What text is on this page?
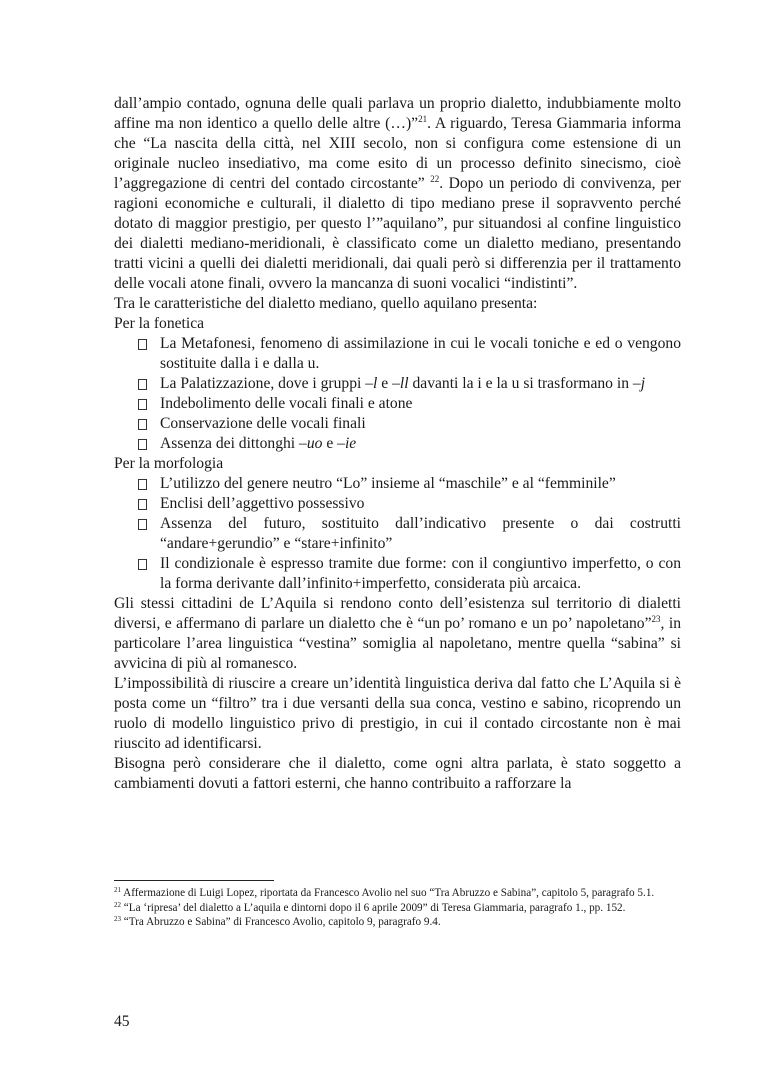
dall’ampio contado, ognuna delle quali parlava un proprio dialetto, indubbiamente molto affine ma non identico a quello delle altre (…)”$^{21}$. A riguardo, Teresa Giammaria informa che “La nascita della città, nel XIII secolo, non si configura come estensione di un originale nucleo insediativo, ma come esito di un processo definito sinecismo, cioè l’aggregazione di centri del contado circostante” $^{22}$. Dopo un periodo di convivenza, per ragioni economiche e culturali, il dialetto di tipo mediano prese il sopravvento perché dotato di maggior prestigio, per questo l’”aquilano”, pur situandosi al confine linguistico dei dialetti mediano-meridionali, è classificato come un dialetto mediano, presentando tratti vicini a quelli dei dialetti meridionali, dai quali però si differenzia per il trattamento delle vocali atone finali, ovvero la mancanza di suoni vocalici “indistinti”.

Tra le caratteristiche del dialetto mediano, quello aquilano presenta:

Per la fonetica

La Metafonesi, fenomeno di assimilazione in cui le vocali toniche e ed o vengono sostituite dalla i e dalla u.
La Palatizzazione, dove i gruppi –l e –ll davanti la i e la u si trasformano in –j
Indebolimento delle vocali finali e atone
Conservazione delle vocali finali
Assenza dei dittonghi –uo e –ie

Per la morfologia

L’utilizzo del genere neutro “Lo” insieme al “maschile” e al “femminile”
Enclisi dell’aggettivo possessivo
Assenza del futuro, sostituito dall’indicativo presente o dai costrutti “andare+gerundio” e “stare+infinito”
Il condizionale è espresso tramite due forme: con il congiuntivo imperfetto, o con la forma derivante dall’infinito+imperfetto, considerata più arcaica.

Gli stessi cittadini de L’Aquila si rendono conto dell’esistenza sul territorio di dialetti diversi, e affermano di parlare un dialetto che è “un po’ romano e un po’ napoletano”$^{23}$, in particolare l’area linguistica “vestina” somiglia al napoletano, mentre quella “sabina” si avvicina di più al romanesco.

L’impossibilità di riuscire a creare un’identità linguistica deriva dal fatto che L’Aquila si è posta come un “filtro” tra i due versanti della sua conca, vestino e sabino, ricoprendo un ruolo di modello linguistico privo di prestigio, in cui il contado circostante non è mai riuscito ad identificarsi.

Bisogna però considerare che il dialetto, come ogni altra parlata, è stato soggetto a cambiamenti dovuti a fattori esterni, che hanno contribuito a rafforzare la

$^{21}$ Affermazione di Luigi Lopez, riportata da Francesco Avolio nel suo “Tra Abruzzo e Sabina”, capitolo 5, paragrafo 5.1.

$^{22}$ “La ‘ripresa’ del dialetto a L’aquila e dintorni dopo il 6 aprile 2009” di Teresa Giammaria, paragrafo 1., pp. 152.

$^{23}$ “Tra Abruzzo e Sabina” di Francesco Avolio, capitolo 9, paragrafo 9.4.

45
